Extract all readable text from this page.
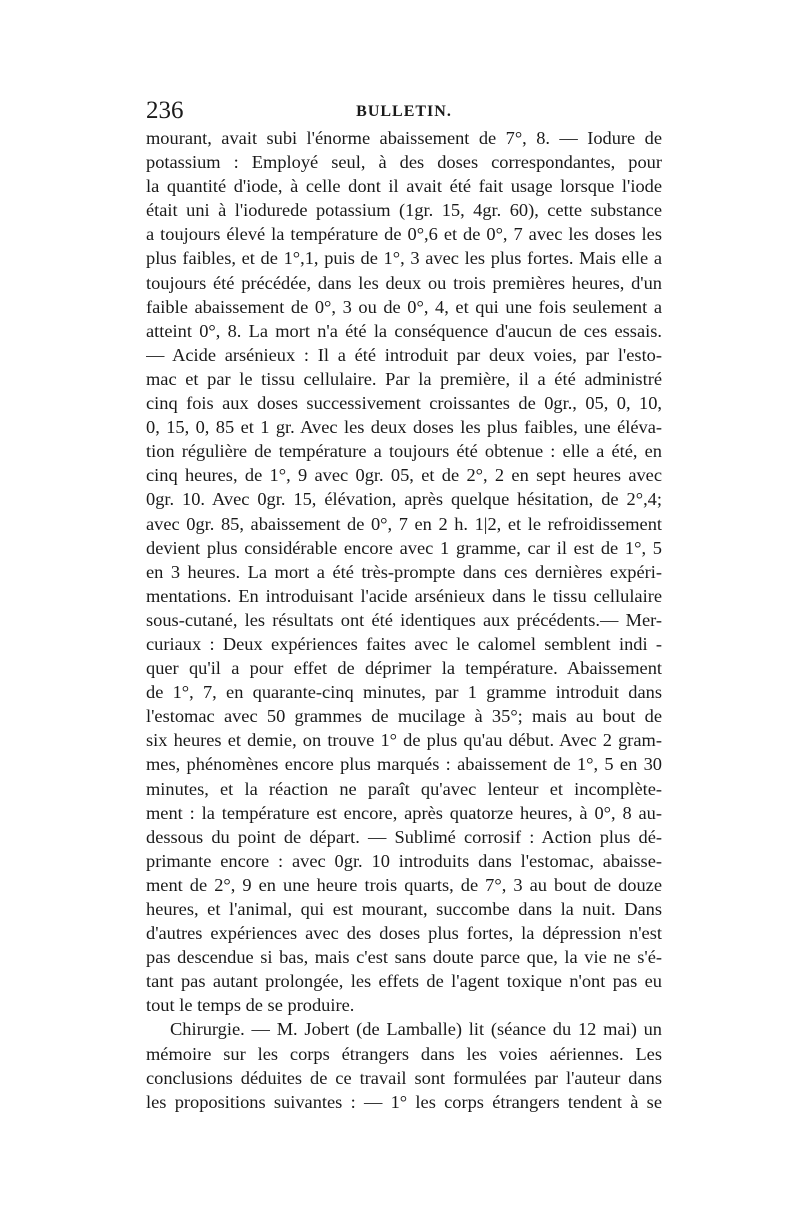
236	BULLETIN.
mourant, avait subi l'énorme abaissement de 7°, 8. — Iodure de
potassium : Employé seul, à des doses correspondantes, pour
la quantité d'iode, à celle dont il avait été fait usage lorsque l'iode
était uni à l'iodurede potassium (1gr. 15, 4gr. 60), cette substance
a toujours élevé la température de 0°,6 et de 0°, 7 avec les doses les
plus faibles, et de 1°,1, puis de 1°, 3 avec les plus fortes. Mais elle a
toujours été précédée, dans les deux ou trois premières heures, d'un
faible abaissement de 0°, 3 ou de 0°, 4, et qui une fois seulement a
atteint 0°, 8. La mort n'a été la conséquence d'aucun de ces essais.
— Acide arsénieux : Il a été introduit par deux voies, par l'esto-
mac et par le tissu cellulaire. Par la première, il a été administré
cinq fois aux doses successivement croissantes de 0gr., 05, 0, 10,
0, 15, 0, 85 et 1 gr. Avec les deux doses les plus faibles, une éléva-
tion régulière de température a toujours été obtenue : elle a été, en
cinq heures, de 1°, 9 avec 0gr. 05, et de 2°, 2 en sept heures avec
0gr. 10. Avec 0gr. 15, élévation, après quelque hésitation, de 2°,4;
avec 0gr. 85, abaissement de 0°, 7 en 2 h. 1|2, et le refroidissement
devient plus considérable encore avec 1 gramme, car il est de 1°, 5
en 3 heures. La mort a été très-prompte dans ces dernières expéri-
mentations. En introduisant l'acide arsénieux dans le tissu cellulaire
sous-cutané, les résultats ont été identiques aux précédents.— Mer-
curiaux : Deux expériences faites avec le calomel semblent indi -
quer qu'il a pour effet de déprimer la température. Abaissement
de 1°, 7, en quarante-cinq minutes, par 1 gramme introduit dans
l'estomac avec 50 grammes de mucilage à 35°; mais au bout de
six heures et demie, on trouve 1° de plus qu'au début. Avec 2 gram-
mes, phénomènes encore plus marqués : abaissement de 1°, 5 en 30
minutes, et la réaction ne paraît qu'avec lenteur et incomplète-
ment : la température est encore, après quatorze heures, à 0°, 8 au-
dessous du point de départ. — Sublimé corrosif : Action plus dé-
primante encore : avec 0gr. 10 introduits dans l'estomac, abaisse-
ment de 2°, 9 en une heure trois quarts, de 7°, 3 au bout de douze
heures, et l'animal, qui est mourant, succombe dans la nuit. Dans
d'autres expériences avec des doses plus fortes, la dépression n'est
pas descendue si bas, mais c'est sans doute parce que, la vie ne s'é-
tant pas autant prolongée, les effets de l'agent toxique n'ont pas eu
tout le temps de se produire.
Chirurgie. — M. Jobert (de Lamballe) lit (séance du 12 mai) un
mémoire sur les corps étrangers dans les voies aériennes. Les
conclusions déduites de ce travail sont formulées par l'auteur dans
les propositions suivantes : — 1° les corps étrangers tendent à se
